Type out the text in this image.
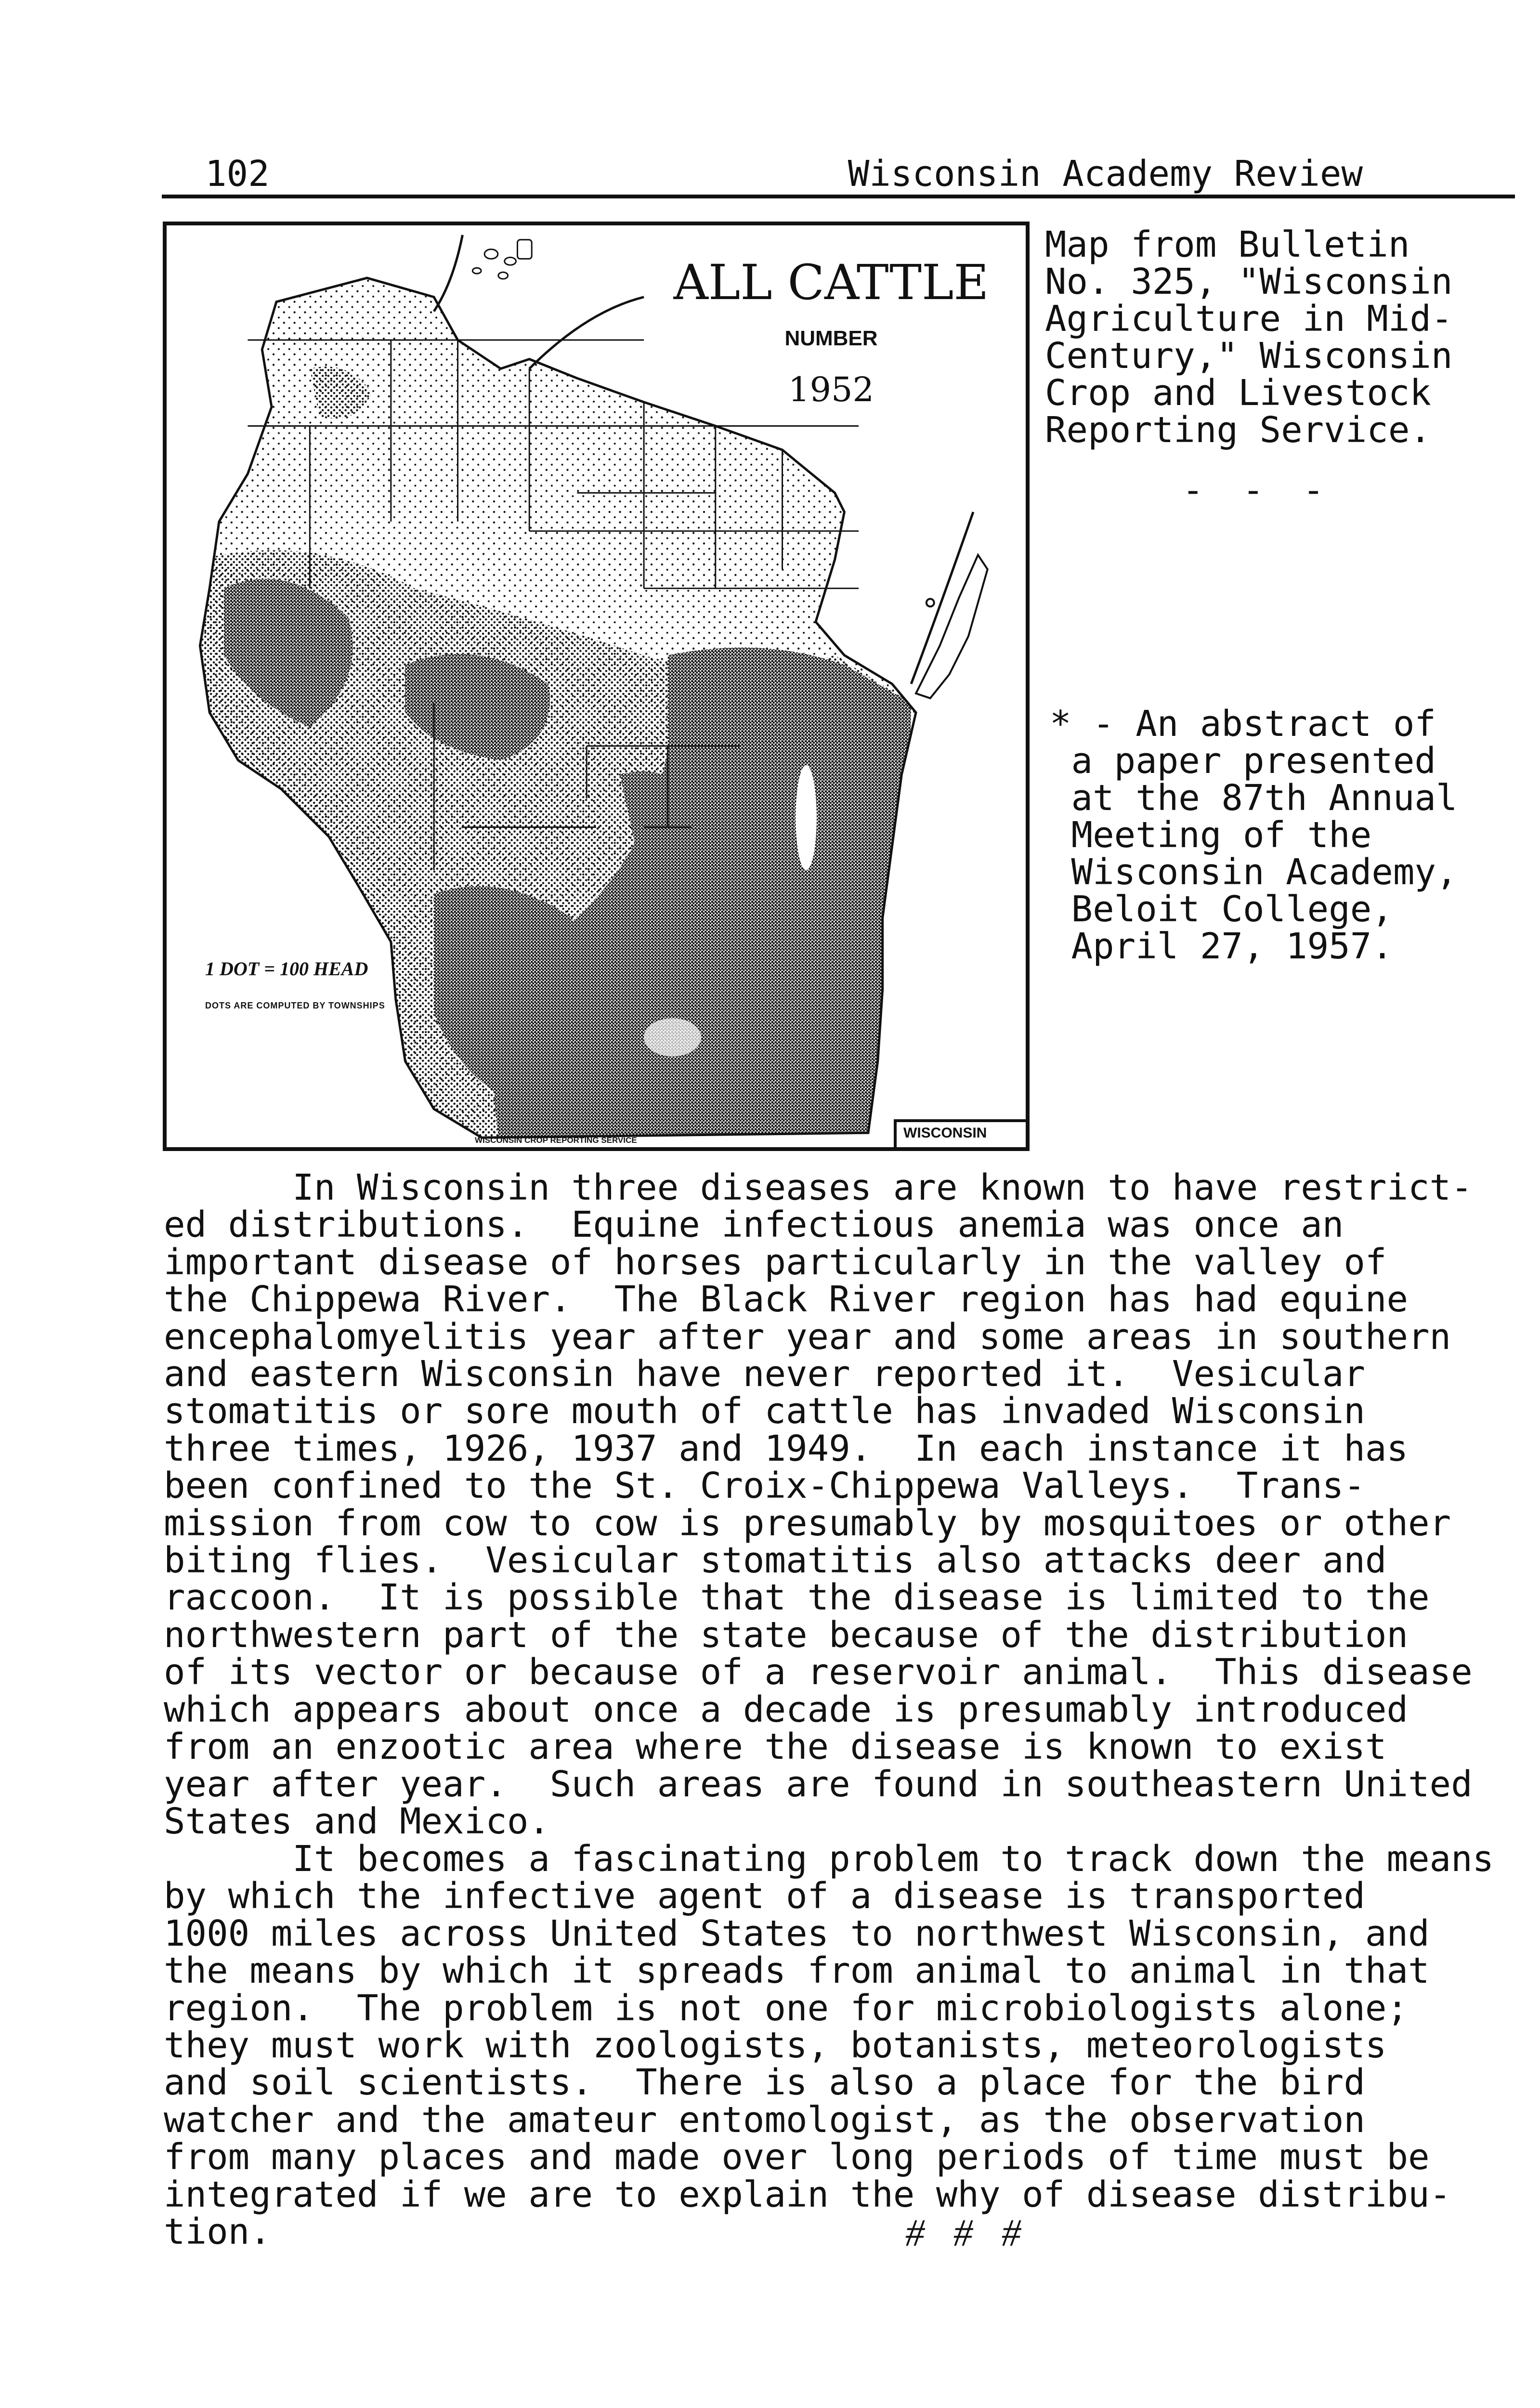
102	Wisconsin Academy Review
ALL CATTLE
NUMBER
1952
1 DOT = 100 HEAD
DOTS ARE COMPUTED BY TOWNSHIPS
WISCONSIN CROP REPORTING SERVICE	WISCONSIN
Map from Bulletin
No. 325, "Wisconsin
Agriculture in Mid-
Century," Wisconsin
Crop and Livestock
Reporting Service.
- - -
* - An abstract of
a paper presented
at the 87th Annual
Meeting of the
Wisconsin Academy,
Beloit College,
April 27, 1957.
In Wisconsin three diseases are known to have restrict-
ed distributions.  Equine infectious anemia was once an
important disease of horses particularly in the valley of
the Chippewa River.  The Black River region has had equine
encephalomyelitis year after year and some areas in southern
and eastern Wisconsin have never reported it.  Vesicular
stomatitis or sore mouth of cattle has invaded Wisconsin
three times, 1926, 1937 and 1949.  In each instance it has
been confined to the St. Croix-Chippewa Valleys.  Trans-
mission from cow to cow is presumably by mosquitoes or other
biting flies.  Vesicular stomatitis also attacks deer and
raccoon.  It is possible that the disease is limited to the
northwestern part of the state because of the distribution
of its vector or because of a reservoir animal.  This disease
which appears about once a decade is presumably introduced
from an enzootic area where the disease is known to exist
year after year.  Such areas are found in southeastern United
States and Mexico.
It becomes a fascinating problem to track down the means
by which the infective agent of a disease is transported
1000 miles across United States to northwest Wisconsin, and
the means by which it spreads from animal to animal in that
region.  The problem is not one for microbiologists alone;
they must work with zoologists, botanists, meteorologists
and soil scientists.  There is also a place for the bird
watcher and the amateur entomologist, as the observation
from many places and made over long periods of time must be
integrated if we are to explain the why of disease distribu-
tion.	# # #
